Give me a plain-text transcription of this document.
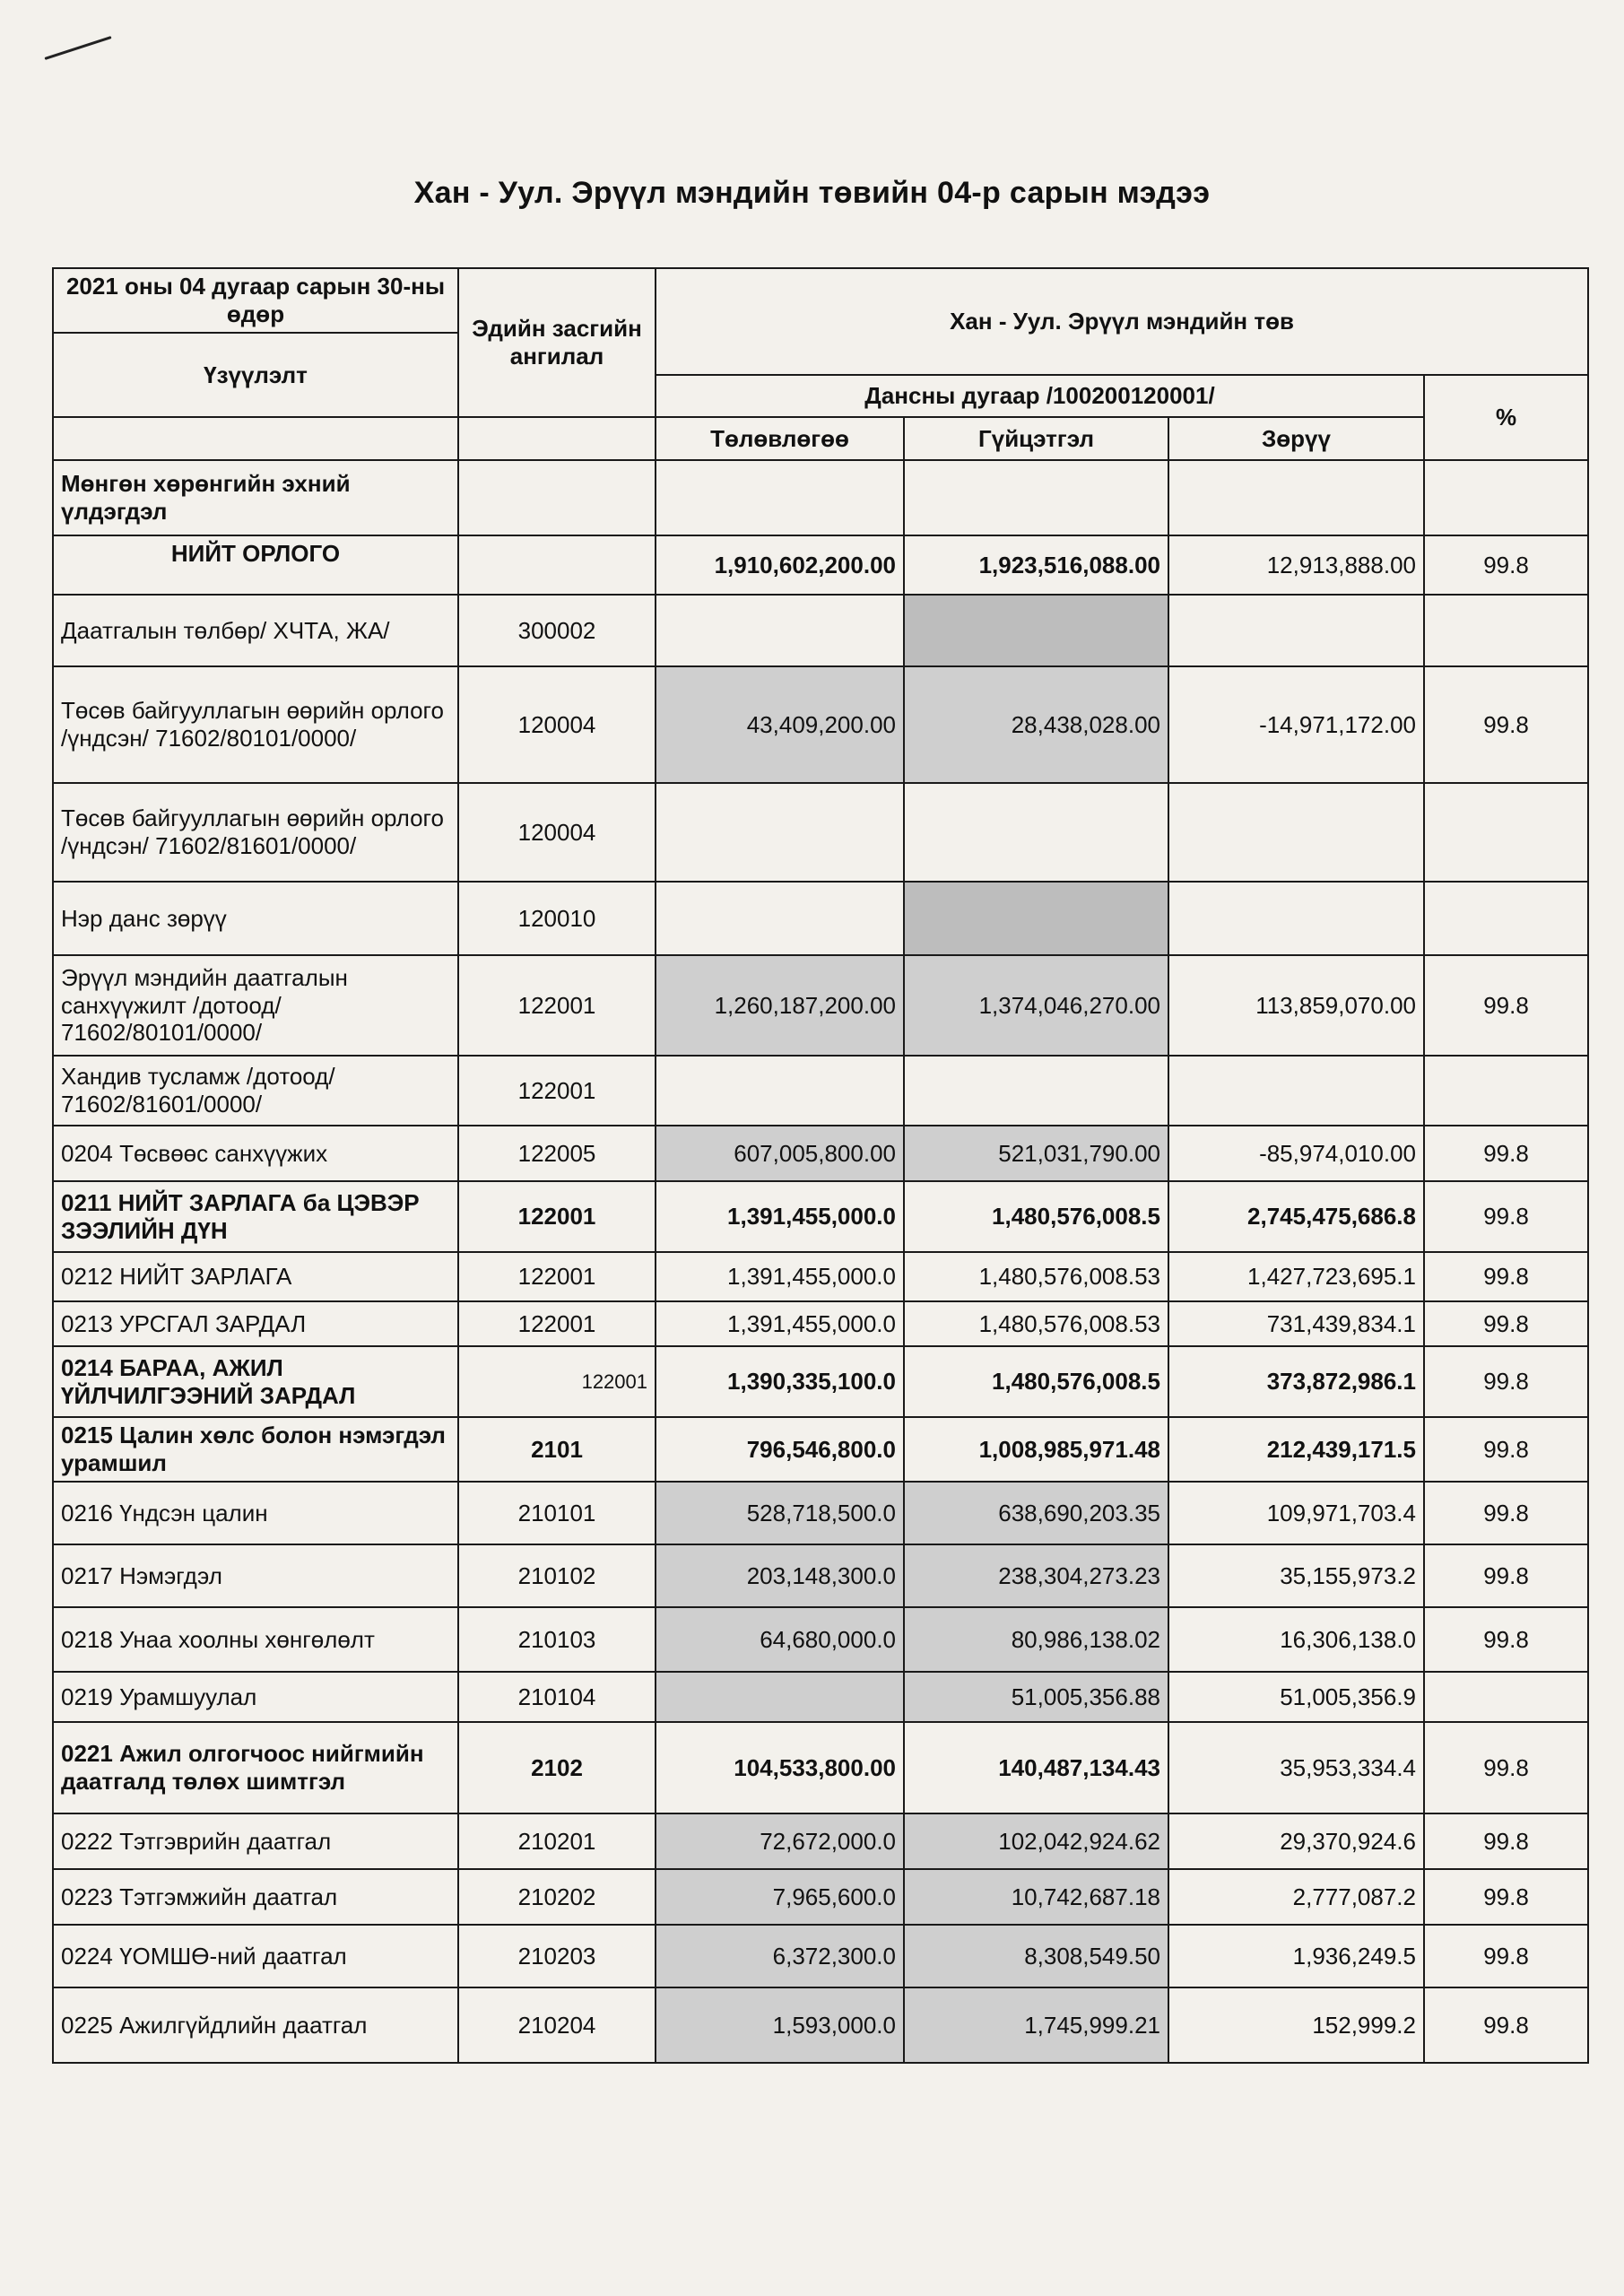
Хан - Уул. Эрүүл мэндийн төвийн 04-р сарын мэдээ
2021 оны 04 дугаар сарын 30-ны өдөр	Эдийн засгийн ангилал	Хан - Уул. Эрүүл мэндийн төв			
Үзүүлэлт					
		Дансны дугаар /100200120001/			%
		Төлөвлөгөө	Гүйцэтгэл	Зөрүү	
Мөнгөн хөрөнгийн эхний үлдэгдэл					
НИЙТ ОРЛОГО		1,910,602,200.00	1,923,516,088.00	12,913,888.00	99.8
Даатгалын төлбөр/ ХЧТА, ЖА/	300002				
Төсөв байгууллагын өөрийн орлого /үндсэн/ 71602/80101/0000/	120004	43,409,200.00	28,438,028.00	-14,971,172.00	99.8
Төсөв байгууллагын өөрийн орлого /үндсэн/ 71602/81601/0000/	120004				
Нэр данс зөрүү	120010				
Эрүүл мэндийн даатгалын санхүүжилт /дотоод/ 71602/80101/0000/	122001	1,260,187,200.00	1,374,046,270.00	113,859,070.00	99.8
Хандив тусламж /дотоод/ 71602/81601/0000/	122001				
0204 Төсвөөс санхүүжих	122005	607,005,800.00	521,031,790.00	-85,974,010.00	99.8
0211 НИЙТ ЗАРЛАГА ба ЦЭВЭР ЗЭЭЛИЙН ДҮН	122001	1,391,455,000.0	1,480,576,008.5	2,745,475,686.8	99.8
0212 НИЙТ ЗАРЛАГА	122001	1,391,455,000.0	1,480,576,008.53	1,427,723,695.1	99.8
0213 УРСГАЛ ЗАРДАЛ	122001	1,391,455,000.0	1,480,576,008.53	731,439,834.1	99.8
0214 БАРАА, АЖИЛ ҮЙЛЧИЛГЭЭНИЙ ЗАРДАЛ	122001	1,390,335,100.0	1,480,576,008.5	373,872,986.1	99.8
0215 Цалин хөлс болон нэмэгдэл урамшил	2101	796,546,800.0	1,008,985,971.48	212,439,171.5	99.8
0216 Үндсэн цалин	210101	528,718,500.0	638,690,203.35	109,971,703.4	99.8
0217 Нэмэгдэл	210102	203,148,300.0	238,304,273.23	35,155,973.2	99.8
0218 Унаа хоолны хөнгөлөлт	210103	64,680,000.0	80,986,138.02	16,306,138.0	99.8
0219 Урамшуулал	210104		51,005,356.88	51,005,356.9	
0221 Ажил олгогчоос нийгмийн даатгалд төлөх шимтгэл	2102	104,533,800.00	140,487,134.43	35,953,334.4	99.8
0222 Тэтгэврийн даатгал	210201	72,672,000.0	102,042,924.62	29,370,924.6	99.8
0223 Тэтгэмжийн даатгал	210202	7,965,600.0	10,742,687.18	2,777,087.2	99.8
0224 ҮОМШӨ-ний даатгал	210203	6,372,300.0	8,308,549.50	1,936,249.5	99.8
0225 Ажилгүйдлийн даатгал	210204	1,593,000.0	1,745,999.21	152,999.2	99.8
